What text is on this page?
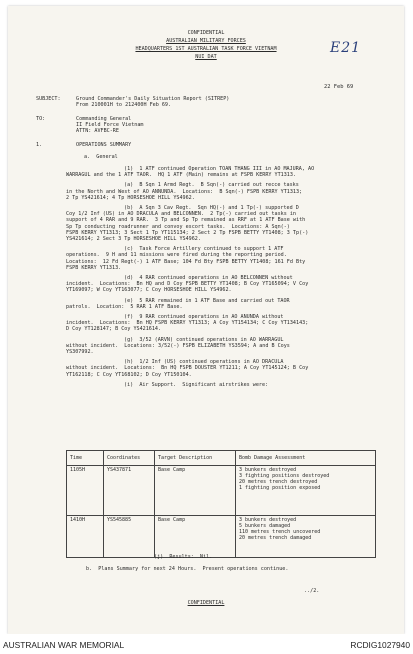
CONFIDENTIAL
AUSTRALIAN MILITARY FORCES
HEADQUARTERS 1ST AUSTRALIAN TASK FORCE VIETNAM
NUI DAT
E21
22 Feb 69
SUBJECT:	Ground Commander's Daily Situation Report (SITREP)
From 210001H to 212400H Feb 69.
TO:	Commanding General
II Field Force Vietnam
ATTN: AVFBC-RE
1.	OPERATIONS SUMMARY
a.  General
(1)  1 ATF continued Operation TOAN THANG III in AO MAJURA, AO
WARRAGUL and the 1 ATF TAOR.  HQ 1 ATF (Main) remains at FSPB KERRY YT1313.
(a)  B Sqn 1 Armd Regt.  B Sqn(-) carried out recce tasks
in the North and West of AO ANNUNDA.  Locations:  B Sqn(-) FSPB KERRY YT1313;
2 Tp YS421614; 4 Tp HORSESHOE HILL YS4962.
(b)  A Sqn 3 Cav Regt.  Sqn HQ(-) and 1 Tp(-) supported D
Coy 1/2 Inf (US) in AO DRACULA and BELCONNEN.  2 Tp(-) carried out tasks in
support of 4 RAR and 9 RAR.  3 Tp and Sp Tp remained as RRF at 1 ATF Base with
Sp Tp conducting roadrunner and convoy escort tasks.  Locations: A Sqn(-)
FSPB KERRY YT1313; 3 Sect 1 Tp YT115134; 2 Sect 2 Tp FSPB BETTY YT1408; 3 Tp(-)
YS421614; 2 Sect 3 Tp HORSESHOE HILL YS4962.
(c)  Task Force Artillery continued to support 1 ATF
operations.  9 H and 11 missions were fired during the reporting period.
Locations:  12 Fd Regt(-) 1 ATF Base; 104 Fd Bty FSPB BETTY YT1408; 161 Fd Bty
FSPB KERRY YT1313.
(d)  4 RAR continued operations in AO BELCONNEN without
incident.  Locations:  Bn HQ and D Coy FSPB BETTY YT1408; B Coy YT165094; V Coy
YT169097; W Coy YT163077; C Coy HORSESHOE HILL YS4962.
(e)  5 RAR remained in 1 ATF Base and carried out TAOR
patrols.  Location:  5 RAR 1 ATF Base.
(f)  9 RAR continued operations in AO ANUNDA without
incident.  Locations:  Bn HQ FSPB KERRY YT1313; A Coy YT154134; C Coy YT134143;
D Coy YT128147; B Coy YS421614.
(g)  3/52 (ARVN) continued operations in AO WARRAGUL
without incident.  Locations: 3/52(-) FSPB ELIZABETH YS3594; A and B Coys
YS307992.
(h)  1/2 Inf (US) continued operations in AO DRACULA
without incident.  Locations:  Bn HQ FSPB DOUSTER YT1211; A Coy YT145124; B Coy
YT162118; C Coy YT168102; D Coy YT150104.
(i)  Air Support.  Significant airstrikes were:
Time	Coordinates	Target Description	Bomb Damage Assessment
1105H	YS437871	Base Camp	3 bunkers destroyed
3 fighting positions destroyed
20 metres trench destroyed
1 fighting position exposed

1410H	YS545885	Base Camp	3 bunkers destroyed
5 bunkers damaged
110 metres trench uncovered
20 metres trench damaged
(j)  Results:  Nil.
b.  Plans Summary for next 24 Hours.  Present operations continue.
../2.
CONFIDENTIAL
AUSTRALIAN WAR MEMORIAL	RCDIG1027940
